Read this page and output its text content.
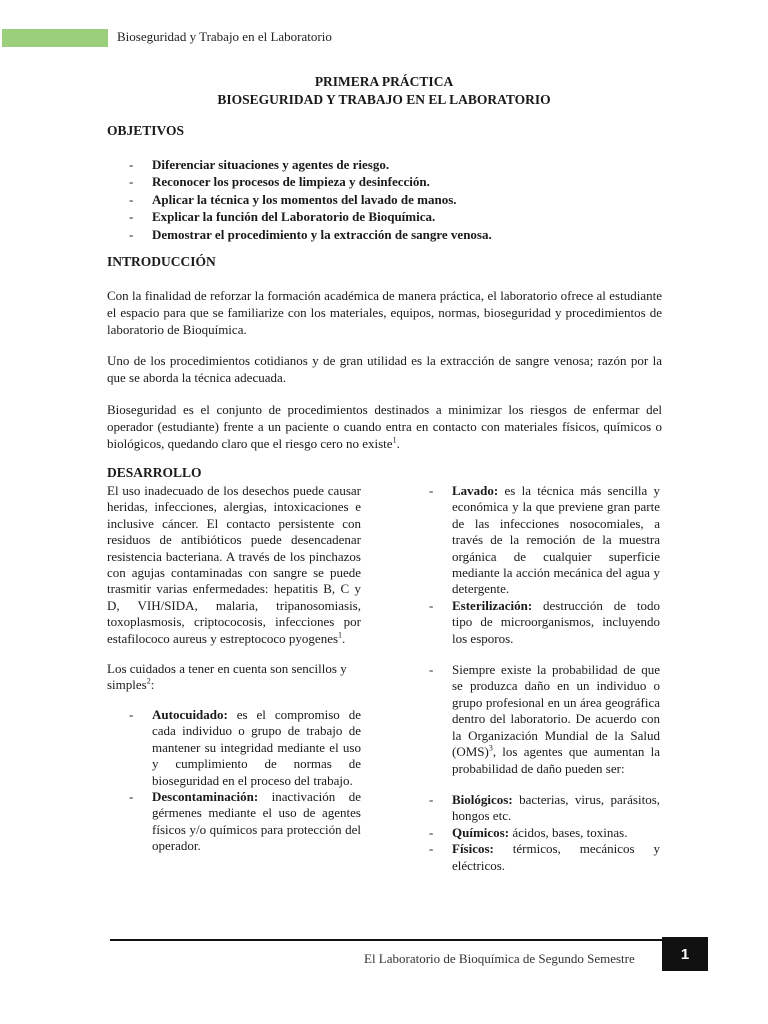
Bioseguridad y Trabajo en el Laboratorio
PRIMERA PRÁCTICA
BIOSEGURIDAD Y TRABAJO EN EL LABORATORIO
OBJETIVOS
- Diferenciar situaciones y agentes de riesgo.
- Reconocer los procesos de limpieza y desinfección.
- Aplicar la técnica y los momentos del lavado de manos.
- Explicar la función del Laboratorio de Bioquímica.
- Demostrar el procedimiento y la extracción de sangre venosa.
INTRODUCCIÓN

Con la finalidad de reforzar la formación académica de manera práctica, el laboratorio ofrece al estudiante el espacio para que se familiarize con los materiales, equipos, normas, bioseguridad y procedimientos de laboratorio de Bioquímica.

Uno de los procedimientos cotidianos y de gran utilidad es la extracción de sangre venosa; razón por la que se aborda la técnica adecuada.

Bioseguridad es el conjunto de procedimientos destinados a minimizar los riesgos de enfermar del operador (estudiante) frente a un paciente o cuando entra en contacto con materiales físicos, químicos o biológicos, quedando claro que el riesgo cero no existe$^1$.

DESARROLLO

El uso inadecuado de los desechos puede causar heridas, infecciones, alergias, intoxicaciones e inclusive cáncer. El contacto persistente con residuos de antibióticos puede desencadenar resistencia bacteriana. A través de los pinchazos con agujas contaminadas con sangre se puede trasmitir varias enfermedades: hepatitis B, C y D, VIH/SIDA, malaria, tripanosomiasis, toxoplasmosis, criptococosis, infecciones por estafilococo aureus y estreptococo pyogenes$^1$.

Los cuidados a tener en cuenta son sencillos y simples$^2$:

- Autocuidado: es el compromiso de cada individuo o grupo de trabajo de mantener su integridad mediante el uso y cumplimiento de normas de bioseguridad en el proceso del trabajo.
- Descontaminación: inactivación de gérmenes mediante el uso de agentes físicos y/o químicos para protección del operador.
- Lavado: es la técnica más sencilla y económica y la que previene gran parte de las infecciones nosocomiales, a través de la remoción de la muestra orgánica de cualquier superficie mediante la acción mecánica del agua y detergente.
- Esterilización: destrucción de todo tipo de microorganismos, incluyendo los esporos.
- Siempre existe la probabilidad de que se produzca daño en un individuo o grupo profesional en un área geográfica dentro del laboratorio. De acuerdo con la Organización Mundial de la Salud (OMS)$^3$, los agentes que aumentan la probabilidad de daño pueden ser:
- Biológicos: bacterias, virus, parásitos, hongos etc.
- Químicos: ácidos, bases, toxinas.
- Físicos: térmicos, mecánicos y eléctricos.
El Laboratorio de Bioquímica de Segundo Semestre	1
